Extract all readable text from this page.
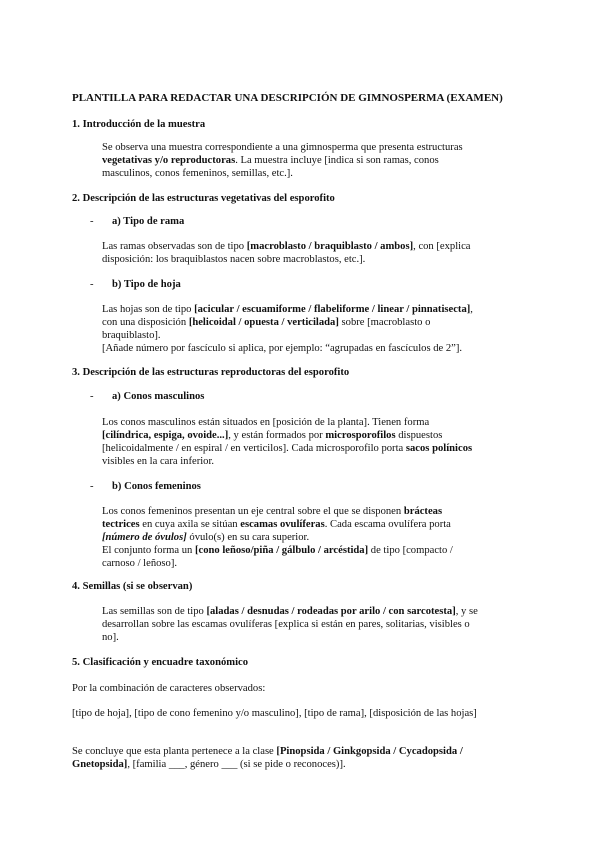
PLANTILLA PARA REDACTAR UNA DESCRIPCIÓN DE GIMNOSPERMA (EXAMEN)

1. Introducción de la muestra

Se observa una muestra correspondiente a una gimnosperma que presenta estructuras

vegetativas y/o reproductoras. La muestra incluye [indica si son ramas, conos

masculinos, conos femeninos, semillas, etc.].

2. Descripción de las estructuras vegetativas del esporofito

- a) Tipo de rama

Las ramas observadas son de tipo [macroblasto / braquiblasto / ambos], con [explica

disposición: los braquiblastos nacen sobre macroblastos, etc.].

- b) Tipo de hoja

Las hojas son de tipo [acicular / escuamiforme / flabeliforme / linear / pinnatisecta],

con una disposición [helicoidal / opuesta / verticilada] sobre [macroblasto o

braquiblasto].

[Añade número por fascículo si aplica, por ejemplo: “agrupadas en fascículos de 2”].

3. Descripción de las estructuras reproductoras del esporofito

- a) Conos masculinos

Los conos masculinos están situados en [posición de la planta]. Tienen forma

[cilíndrica, espiga, ovoide...], y están formados por microsporofilos dispuestos

[helicoidalmente / en espiral / en verticilos]. Cada microsporofilo porta sacos polínicos

visibles en la cara inferior.

- b) Conos femeninos

Los conos femeninos presentan un eje central sobre el que se disponen brácteas

tectrices en cuya axila se sitúan escamas ovulíferas. Cada escama ovulífera porta

[número de óvulos] óvulo(s) en su cara superior.

El conjunto forma un [cono leñoso/piña / gálbulo / arcéstida] de tipo [compacto /

carnoso / leñoso].

4. Semillas (si se observan)

Las semillas son de tipo [aladas / desnudas / rodeadas por arilo / con sarcotesta], y se

desarrollan sobre las escamas ovulíferas [explica si están en pares, solitarias, visibles o

no].

5. Clasificación y encuadre taxonómico

Por la combinación de caracteres observados:

[tipo de hoja], [tipo de cono femenino y/o masculino], [tipo de rama], [disposición de las hojas]

Se concluye que esta planta pertenece a la clase [Pinopsida / Ginkgopsida / Cycadopsida /

Gnetopsida], [familia ___, género ___ (si se pide o reconoces)].
